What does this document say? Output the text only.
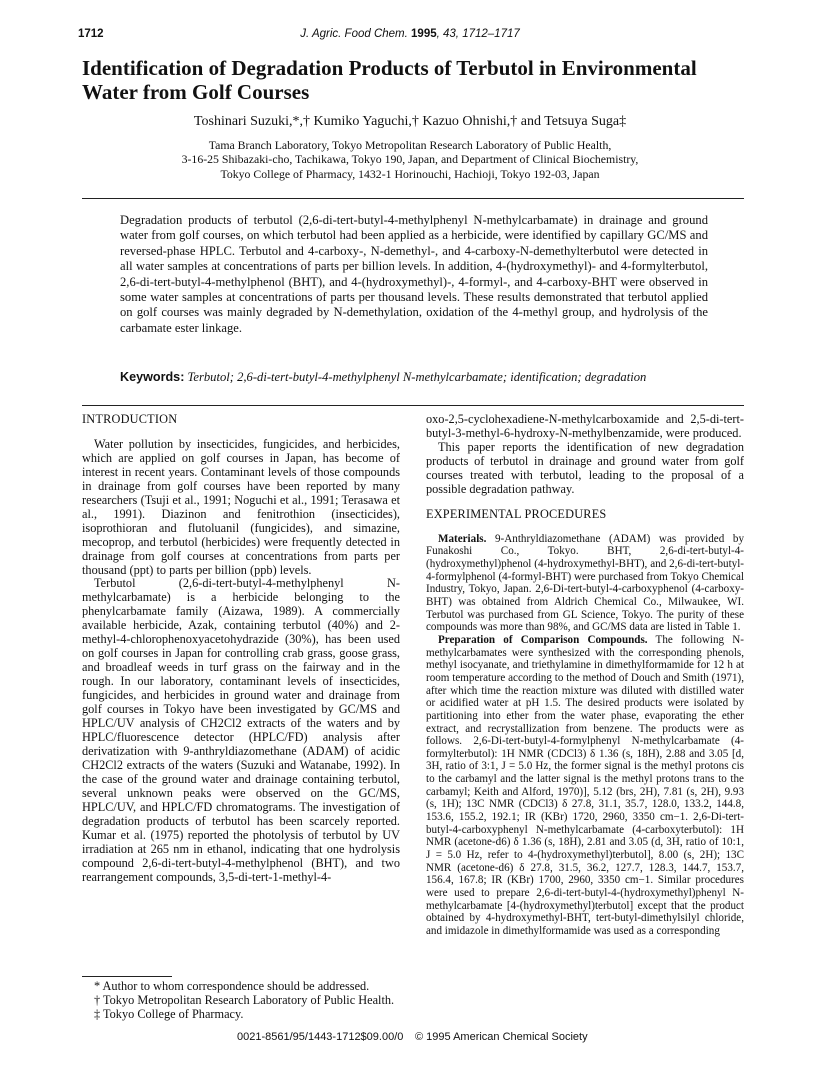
1712	J. Agric. Food Chem. 1995, 43, 1712–1717
Identification of Degradation Products of Terbutol in Environmental Water from Golf Courses

Toshinari Suzuki,*,† Kumiko Yaguchi,† Kazuo Ohnishi,† and Tetsuya Suga‡

Tama Branch Laboratory, Tokyo Metropolitan Research Laboratory of Public Health,
3-16-25 Shibazaki-cho, Tachikawa, Tokyo 190, Japan, and Department of Clinical Biochemistry,
Tokyo College of Pharmacy, 1432-1 Horinouchi, Hachioji, Tokyo 192-03, Japan

Degradation products of terbutol (2,6-di-tert-butyl-4-methylphenyl N-methylcarbamate) in drainage and ground water from golf courses, on which terbutol had been applied as a herbicide, were identified by capillary GC/MS and reversed-phase HPLC. Terbutol and 4-carboxy-, N-demethyl-, and 4-carboxy-N-demethylterbutol were detected in all water samples at concentrations of parts per billion levels. In addition, 4-(hydroxymethyl)- and 4-formylterbutol, 2,6-di-tert-butyl-4-methylphenol (BHT), and 4-(hydroxymethyl)-, 4-formyl-, and 4-carboxy-BHT were observed in some water samples at concentrations of parts per thousand levels. These results demonstrated that terbutol applied on golf courses was mainly degraded by N-demethylation, oxidation of the 4-methyl group, and hydrolysis of the carbamate ester linkage.

Keywords: Terbutol; 2,6-di-tert-butyl-4-methylphenyl N-methylcarbamate; identification; degradation

INTRODUCTION

Water pollution by insecticides, fungicides, and herbicides, which are applied on golf courses in Japan, has become of interest in recent years. Contaminant levels of those compounds in drainage from golf courses have been reported by many researchers (Tsuji et al., 1991; Noguchi et al., 1991; Terasawa et al., 1991). Diazinon and fenitrothion (insecticides), isoprothioran and flutoluanil (fungicides), and simazine, mecoprop, and terbutol (herbicides) were frequently detected in drainage from golf courses at concentrations from parts per thousand (ppt) to parts per billion (ppb) levels.

Terbutol (2,6-di-tert-butyl-4-methylphenyl N-methylcarbamate) is a herbicide belonging to the phenylcarbamate family (Aizawa, 1989). A commercially available herbicide, Azak, containing terbutol (40%) and 2-methyl-4-chlorophenoxyacetohydrazide (30%), has been used on golf courses in Japan for controlling crab grass, goose grass, and broadleaf weeds in turf grass on the fairway and in the rough. In our laboratory, contaminant levels of insecticides, fungicides, and herbicides in ground water and drainage from golf courses in Tokyo have been investigated by GC/MS and HPLC/UV analysis of CH2Cl2 extracts of the waters and by HPLC/fluorescence detector (HPLC/FD) analysis after derivatization with 9-anthryldiazomethane (ADAM) of acidic CH2Cl2 extracts of the waters (Suzuki and Watanabe, 1992). In the case of the ground water and drainage containing terbutol, several unknown peaks were observed on the GC/MS, HPLC/UV, and HPLC/FD chromatograms. The investigation of degradation products of terbutol has been scarcely reported. Kumar et al. (1975) reported the photolysis of terbutol by UV irradiation at 265 nm in ethanol, indicating that one hydrolysis compound 2,6-di-tert-butyl-4-methylphenol (BHT), and two rearrangement compounds, 3,5-di-tert-1-methyl-4-

oxo-2,5-cyclohexadiene-N-methylcarboxamide and 2,5-di-tert-butyl-3-methyl-6-hydroxy-N-methylbenzamide, were produced.

This paper reports the identification of new degradation products of terbutol in drainage and ground water from golf courses treated with terbutol, leading to the proposal of a possible degradation pathway.

EXPERIMENTAL PROCEDURES

Materials. 9-Anthryldiazomethane (ADAM) was provided by Funakoshi Co., Tokyo. BHT, 2,6-di-tert-butyl-4-(hydroxymethyl)phenol (4-hydroxymethyl-BHT), and 2,6-di-tert-butyl-4-formylphenol (4-formyl-BHT) were purchased from Tokyo Chemical Industry, Tokyo, Japan. 2,6-Di-tert-butyl-4-carboxyphenol (4-carboxy-BHT) was obtained from Aldrich Chemical Co., Milwaukee, WI. Terbutol was purchased from GL Science, Tokyo. The purity of these compounds was more than 98%, and GC/MS data are listed in Table 1.

Preparation of Comparison Compounds. The following N-methylcarbamates were synthesized with the corresponding phenols, methyl isocyanate, and triethylamine in dimethylformamide for 12 h at room temperature according to the method of Douch and Smith (1971), after which time the reaction mixture was diluted with distilled water or acidified water at pH 1.5. The desired products were isolated by partitioning into ether from the water phase, evaporating the ether extract, and recrystallization from benzene. The products were as follows. 2,6-Di-tert-butyl-4-formylphenyl N-methylcarbamate (4-formylterbutol): 1H NMR (CDCl3) δ 1.36 (s, 18H), 2.88 and 3.05 [d, 3H, ratio of 3:1, J = 5.0 Hz, the former signal is the methyl protons cis to the carbamyl and the latter signal is the methyl protons trans to the carbamyl; Keith and Alford, 1970)], 5.12 (brs, 2H), 7.81 (s, 2H), 9.93 (s, 1H); 13C NMR (CDCl3) δ 27.8, 31.1, 35.7, 128.0, 133.2, 144.8, 153.6, 155.2, 192.1; IR (KBr) 1720, 2960, 3350 cm−1. 2,6-Di-tert-butyl-4-carboxyphenyl N-methylcarbamate (4-carboxyterbutol): 1H NMR (acetone-d6) δ 1.36 (s, 18H), 2.81 and 3.05 (d, 3H, ratio of 10:1, J = 5.0 Hz, refer to 4-(hydroxymethyl)terbutol], 8.00 (s, 2H); 13C NMR (acetone-d6) δ 27.8, 31.5, 36.2, 127.7, 128.3, 144.7, 153.7, 156.4, 167.8; IR (KBr) 1700, 2960, 3350 cm−1. Similar procedures were used to prepare 2,6-di-tert-butyl-4-(hydroxymethyl)phenyl N-methylcarbamate [4-(hydroxymethyl)terbutol] except that the product obtained by 4-hydroxymethyl-BHT, tert-butyl-dimethylsilyl chloride, and imidazole in dimethylformamide was used as a corresponding

* Author to whom correspondence should be addressed.

† Tokyo Metropolitan Research Laboratory of Public Health.

‡ Tokyo College of Pharmacy.

0021-8561/95/1443-1712$09.00/0 © 1995 American Chemical Society
